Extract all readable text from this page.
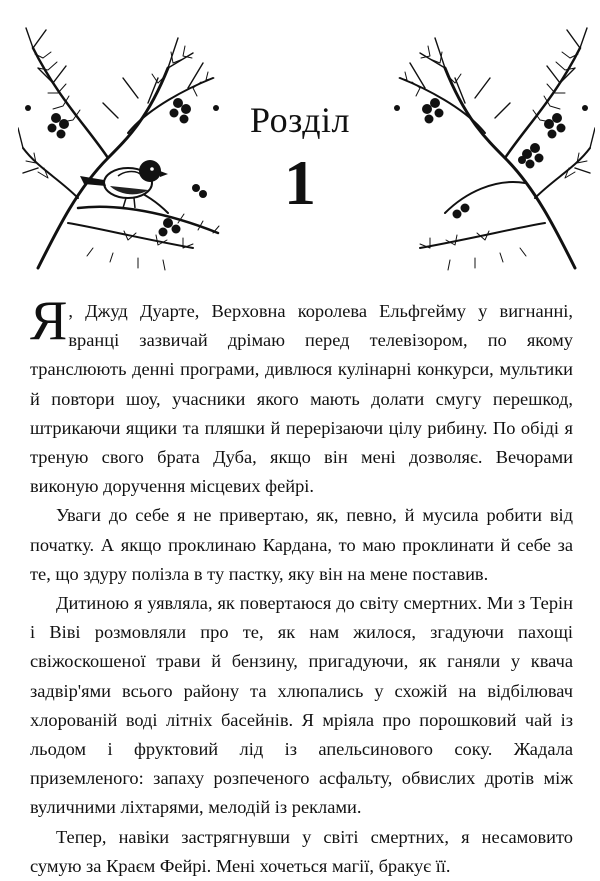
Розділ
1

Я , Джуд Дуарте, Верховна королева Ельфгейму у вигнанні, вранці зазвичай дрімаю перед телевізором, по якому транслюють денні програми, дивлюся кулінарні конкурси, мультики й повтори шоу, учасники якого мають долати смугу перешкод, штрикаючи ящики та пляшки й перерізаючи цілу рибину. По обіді я треную свого брата Дуба, якщо він мені дозволяє. Вечорами виконую доручення місцевих фейрі.

Уваги до себе я не привертаю, як, певно, й мусила робити від початку. А якщо проклинаю Кардана, то маю проклинати й себе за те, що здуру полізла в ту пастку, яку він на мене поставив.

Дитиною я уявляла, як повертаюся до світу смертних. Ми з Терін і Віві розмовляли про те, як нам жилося, згадуючи пахощі свіжоскошеної трави й бензину, пригадуючи, як ганяли у квача задвір'ями всього району та хлюпались у схожій на відбілювач хлорованій воді літніх басейнів. Я мріяла про порошковий чай із льодом і фруктовий лід із апельсинового соку. Жадала приземленого: запаху розпеченого асфальту, обвислих дротів між вуличними ліхтарями, мелодій із реклами.

Тепер, навіки застрягнувши у світі смертних, я несамовито сумую за Краєм Фейрі. Мені хочеться магії, бракує її.
